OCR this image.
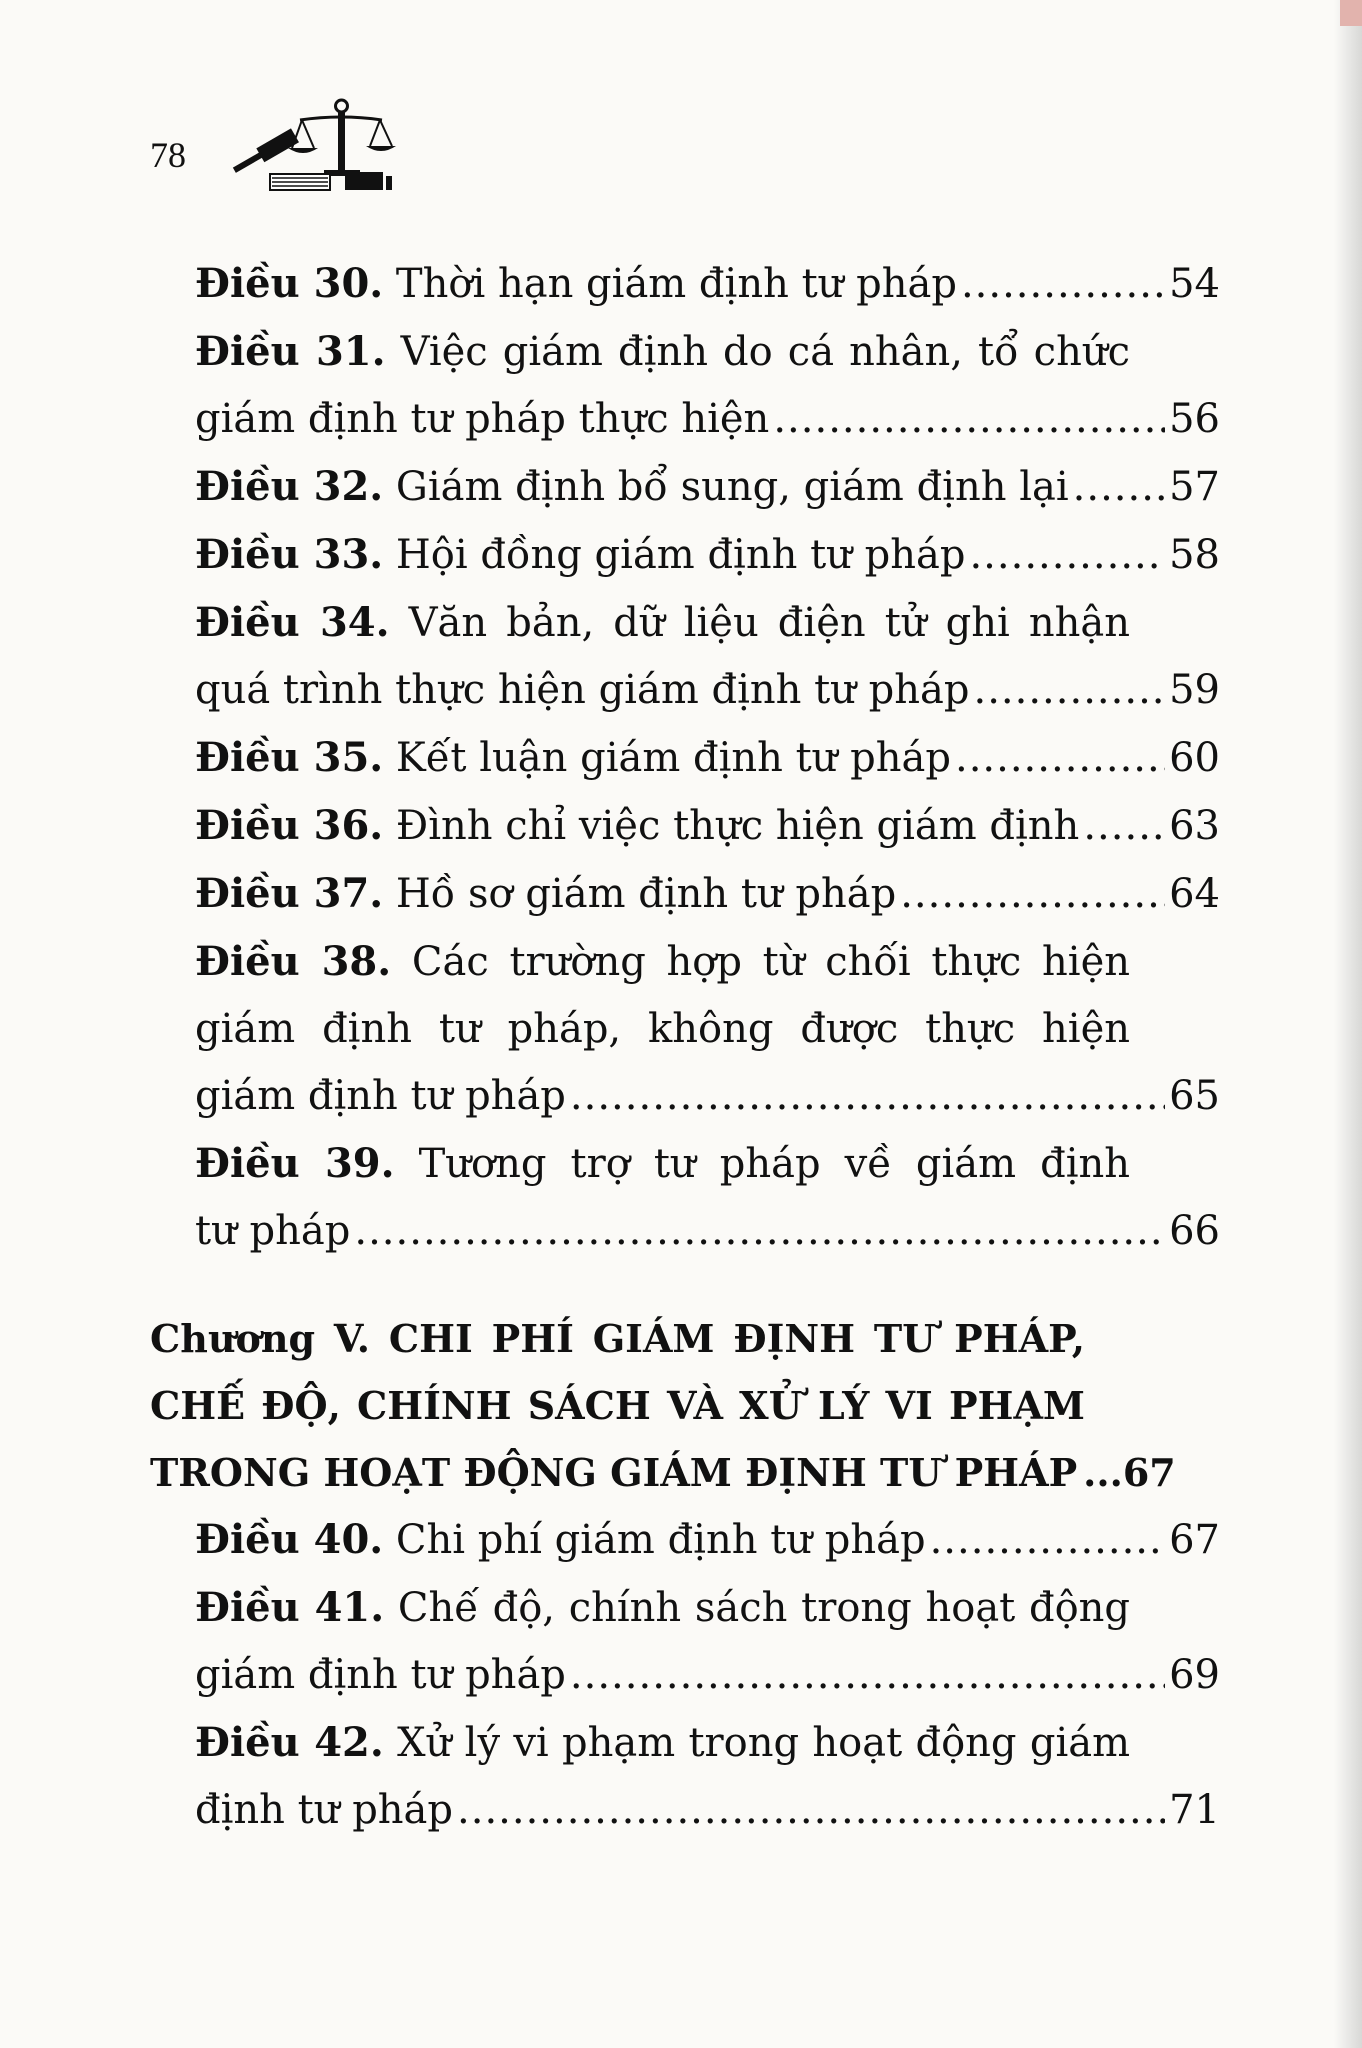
78
Điều 30. Thời hạn giám định tư pháp .....	54
Điều 31. Việc giám định do cá nhân, tổ chức
giám định tư pháp thực hiện .....	56
Điều 32. Giám định bổ sung, giám định lại .....	57
Điều 33. Hội đồng giám định tư pháp .....	58
Điều 34. Văn bản, dữ liệu điện tử ghi nhận
quá trình thực hiện giám định tư pháp .....	59
Điều 35. Kết luận giám định tư pháp .....	60
Điều 36. Đình chỉ việc thực hiện giám định ..... 63
Điều 37. Hồ sơ giám định tư pháp .....	64
Điều 38. Các trường hợp từ chối thực hiện
giám định tư pháp, không được thực hiện
giám định tư pháp .....	65
Điều 39. Tương trợ tư pháp về giám định
tư pháp .....	66
Chương V. CHI PHÍ GIÁM ĐỊNH TƯ PHÁP,
CHẾ ĐỘ, CHÍNH SÁCH VÀ XỬ LÝ VI PHẠM
TRONG HOẠT ĐỘNG GIÁM ĐỊNH TƯ PHÁP ... 67
Điều 40. Chi phí giám định tư pháp .....	67
Điều 41. Chế độ, chính sách trong hoạt động
giám định tư pháp .....	69
Điều 42. Xử lý vi phạm trong hoạt động giám
định tư pháp .....	71
